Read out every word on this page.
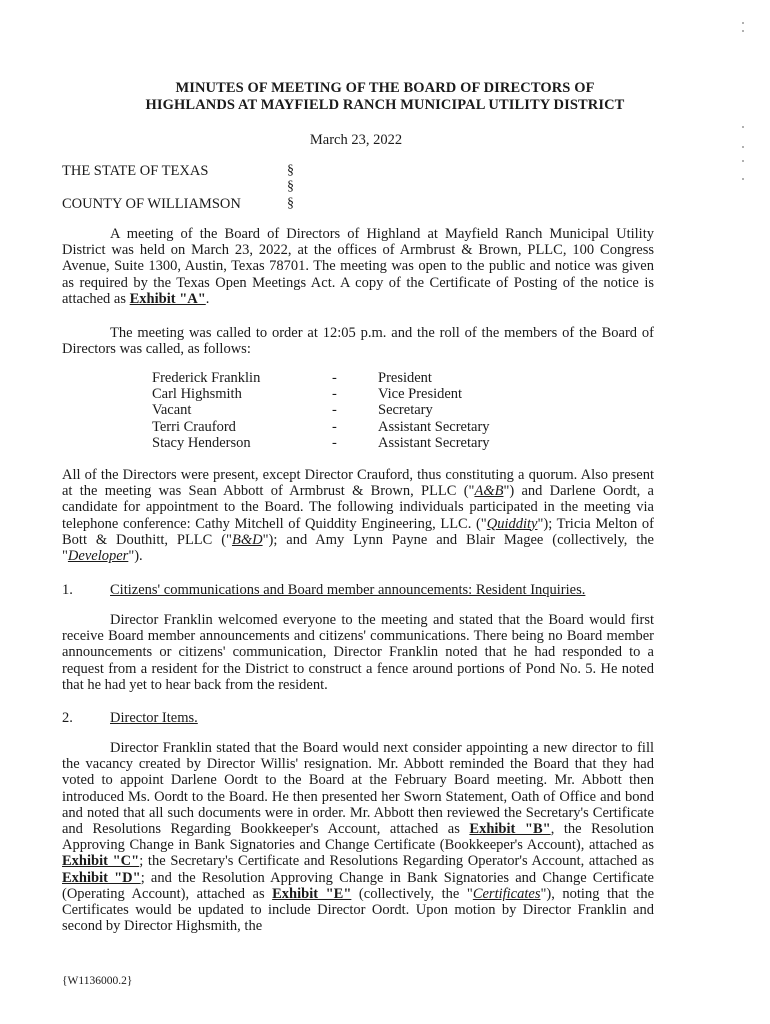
MINUTES OF MEETING OF THE BOARD OF DIRECTORS OF
HIGHLANDS AT MAYFIELD RANCH MUNICIPAL UTILITY DISTRICT
March 23, 2022
THE STATE OF TEXAS	§
§
COUNTY OF WILLIAMSON	§

A meeting of the Board of Directors of Highland at Mayfield Ranch Municipal Utility District was held on March 23, 2022, at the offices of Armbrust & Brown, PLLC, 100 Congress Avenue, Suite 1300, Austin, Texas 78701. The meeting was open to the public and notice was given as required by the Texas Open Meetings Act. A copy of the Certificate of Posting of the notice is attached as Exhibit "A".

The meeting was called to order at 12:05 p.m. and the roll of the members of the Board of Directors was called, as follows:

Frederick Franklin	-	President
Carl Highsmith	-	Vice President
Vacant	-	Secretary
Terri Crauford	-	Assistant Secretary
Stacy Henderson	-	Assistant Secretary

All of the Directors were present, except Director Crauford, thus constituting a quorum. Also present at the meeting was Sean Abbott of Armbrust & Brown, PLLC ("A&B") and Darlene Oordt, a candidate for appointment to the Board. The following individuals participated in the meeting via telephone conference: Cathy Mitchell of Quiddity Engineering, LLC. ("Quiddity"); Tricia Melton of Bott & Douthitt, PLLC ("B&D"); and Amy Lynn Payne and Blair Magee (collectively, the "Developer").

1.	Citizens' communications and Board member announcements: Resident Inquiries.

Director Franklin welcomed everyone to the meeting and stated that the Board would first receive Board member announcements and citizens' communications. There being no Board member announcements or citizens' communication, Director Franklin noted that he had responded to a request from a resident for the District to construct a fence around portions of Pond No. 5. He noted that he had yet to hear back from the resident.

2.	Director Items.

Director Franklin stated that the Board would next consider appointing a new director to fill the vacancy created by Director Willis' resignation. Mr. Abbott reminded the Board that they had voted to appoint Darlene Oordt to the Board at the February Board meeting. Mr. Abbott then introduced Ms. Oordt to the Board. He then presented her Sworn Statement, Oath of Office and bond and noted that all such documents were in order. Mr. Abbott then reviewed the Secretary's Certificate and Resolutions Regarding Bookkeeper's Account, attached as Exhibit "B", the Resolution Approving Change in Bank Signatories and Change Certificate (Bookkeeper's Account), attached as Exhibit "C"; the Secretary's Certificate and Resolutions Regarding Operator's Account, attached as Exhibit "D"; and the Resolution Approving Change in Bank Signatories and Change Certificate (Operating Account), attached as Exhibit "E" (collectively, the "Certificates"), noting that the Certificates would be updated to include Director Oordt. Upon motion by Director Franklin and second by Director Highsmith, the

{W1136000.2}
